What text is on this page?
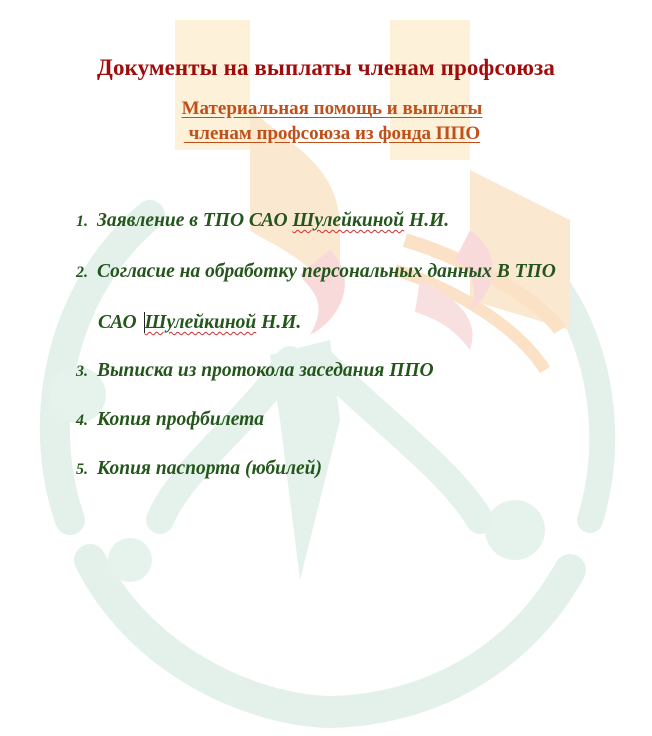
Документы на выплаты членам профсоюза
Материальная помощь и выплаты
членам профсоюза из фонда ППО
1. Заявление в ТПО САО Шулейкиной Н.И.
2. Согласие на обработку персональных данных В ТПО
САО Шулейкиной Н.И.
3. Выписка из протокола заседания ППО
4. Копия профбилета
5. Копия паспорта (юбилей)
